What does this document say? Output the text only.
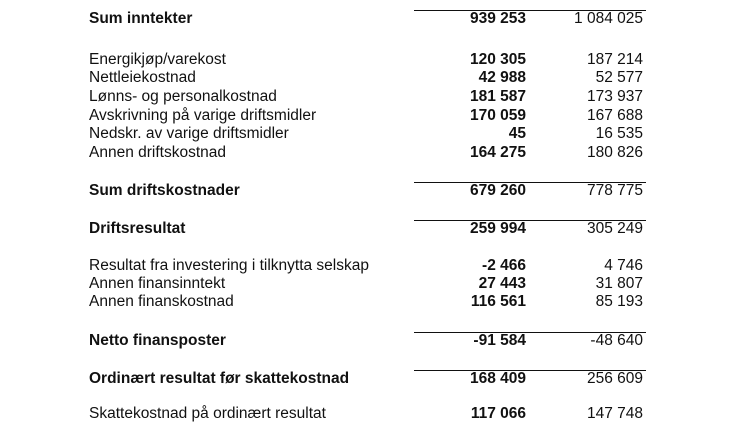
Sum inntekter	939 253	1 084 025
Energikjøp/varekost	120 305	187 214
Nettleiekostnad	42 988	52 577
Lønns- og personalkostnad	181 587	173 937
Avskrivning på varige driftsmidler	170 059	167 688
Nedskr. av varige driftsmidler	45	16 535
Annen driftskostnad	164 275	180 826
Sum driftskostnader	679 260	778 775
Driftsresultat	259 994	305 249
Resultat fra investering i tilknytta selskap	-2 466	4 746
Annen finansinntekt	27 443	31 807
Annen finanskostnad	116 561	85 193
Netto finansposter	-91 584	-48 640
Ordinært resultat før skattekostnad	168 409	256 609
Skattekostnad på ordinært resultat	117 066	147 748
